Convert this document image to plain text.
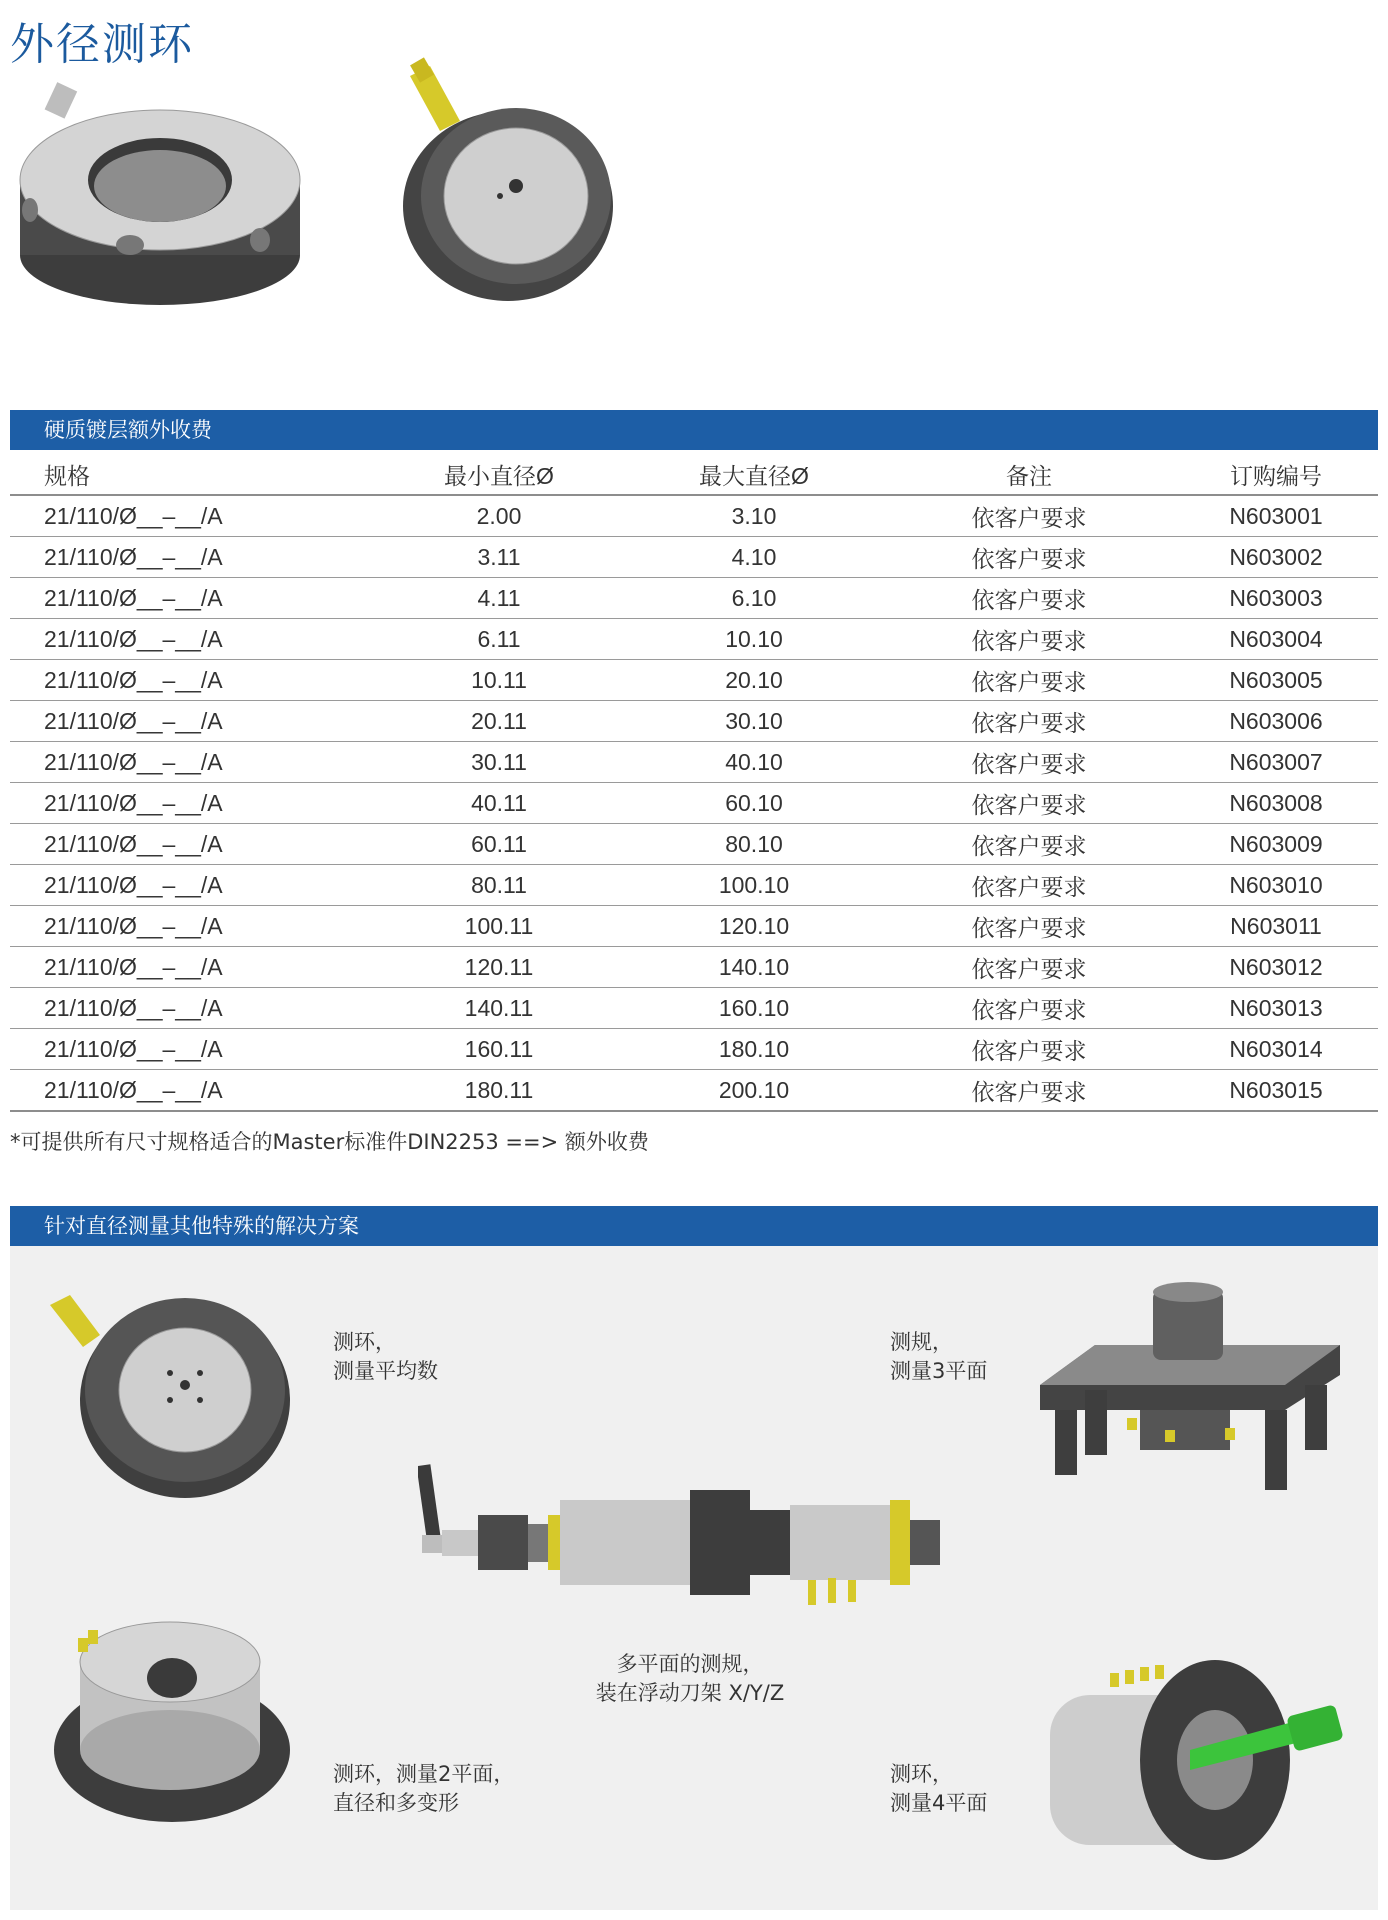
外径测环
硬质镀层额外收费
规格	最小直径Ø	最大直径Ø	备注	订购编号
21/110/Ø__–__/A	2.00	3.10	依客户要求	N603001
21/110/Ø__–__/A	3.11	4.10	依客户要求	N603002
21/110/Ø__–__/A	4.11	6.10	依客户要求	N603003
21/110/Ø__–__/A	6.11	10.10	依客户要求	N603004
21/110/Ø__–__/A	10.11	20.10	依客户要求	N603005
21/110/Ø__–__/A	20.11	30.10	依客户要求	N603006
21/110/Ø__–__/A	30.11	40.10	依客户要求	N603007
21/110/Ø__–__/A	40.11	60.10	依客户要求	N603008
21/110/Ø__–__/A	60.11	80.10	依客户要求	N603009
21/110/Ø__–__/A	80.11	100.10	依客户要求	N603010
21/110/Ø__–__/A	100.11	120.10	依客户要求	N603011
21/110/Ø__–__/A	120.11	140.10	依客户要求	N603012
21/110/Ø__–__/A	140.11	160.10	依客户要求	N603013
21/110/Ø__–__/A	160.11	180.10	依客户要求	N603014
21/110/Ø__–__/A	180.11	200.10	依客户要求	N603015
*可提供所有尺寸规格适合的Master标准件DIN2253 ==> 额外收费
针对直径测量其他特殊的解决方案
测环，
测量平均数
测规，
测量3平面
多平面的测规，
装在浮动刀架 X/Y/Z
测环，测量2平面，
直径和多变形
测环，
测量4平面
